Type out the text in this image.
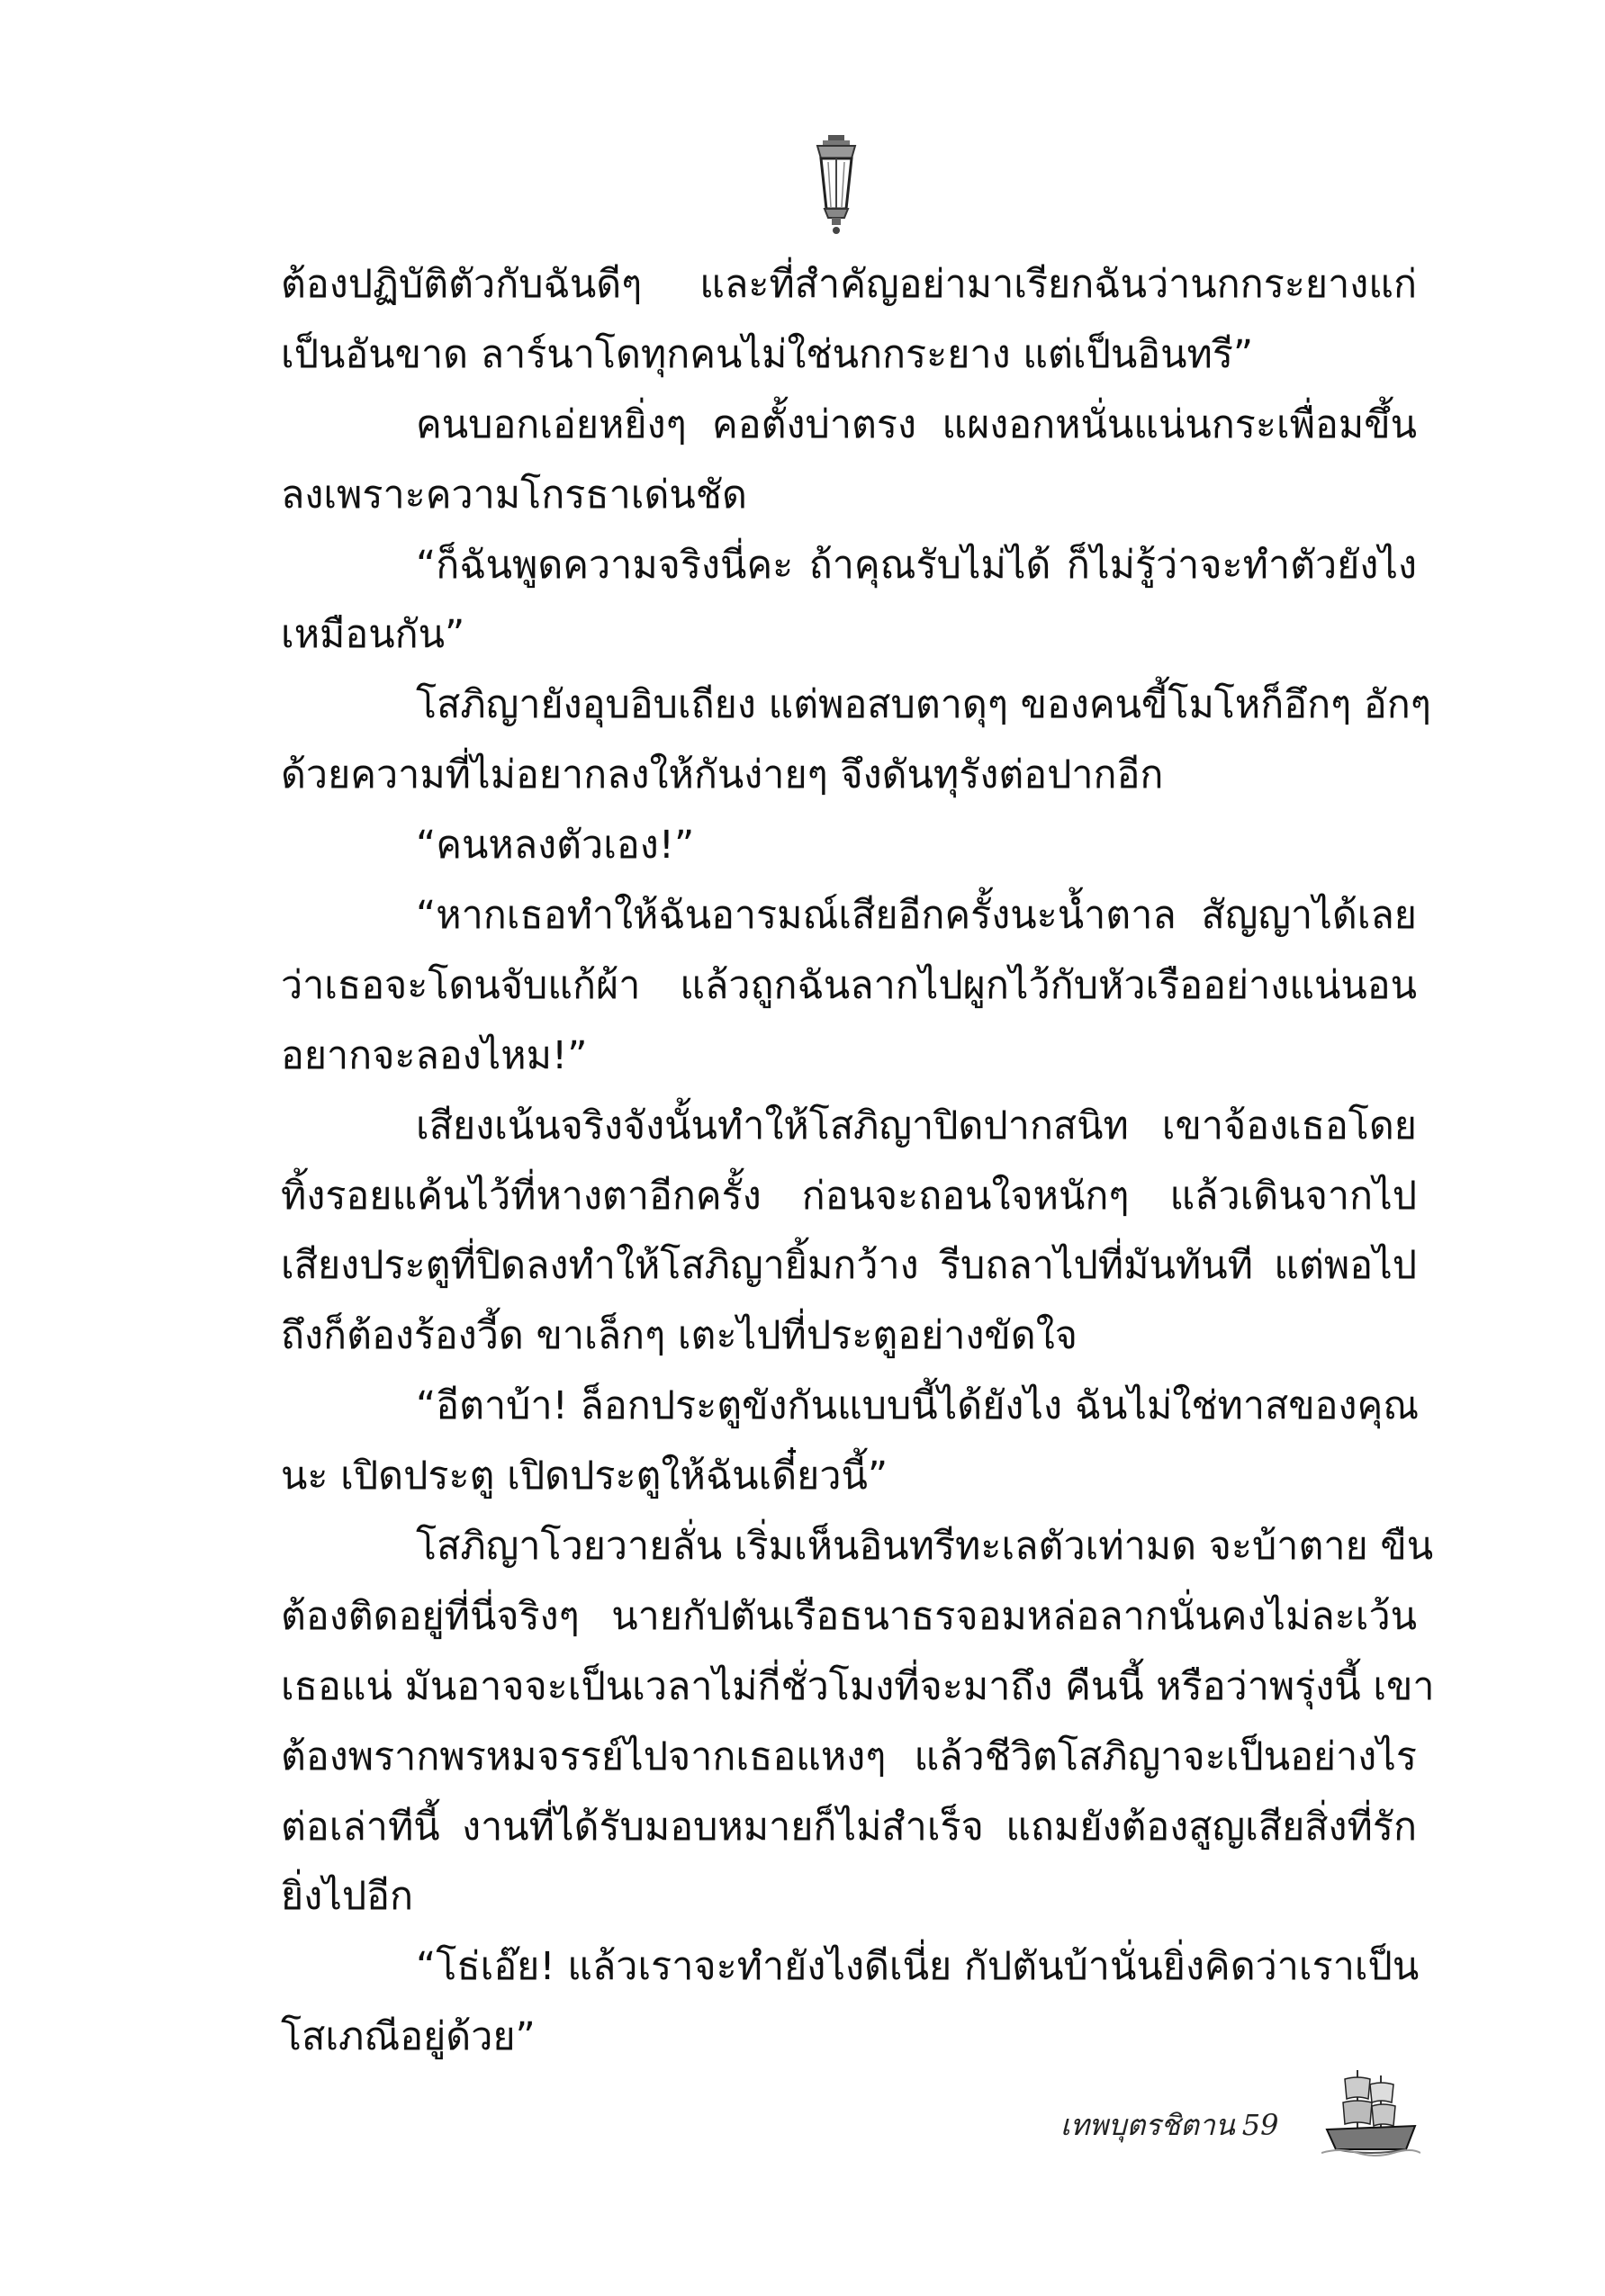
ต้องปฏิบัติตัวกับฉันดีๆ และที่สำคัญอย่ามาเรียกฉันว่านกกระยางแก่
เป็นอันขาด ลาร์นาโดทุกคนไม่ใช่นกกระยาง แต่เป็นอินทรี”
คนบอกเอ่ยหยิ่งๆ คอตั้งบ่าตรง แผงอกหนั่นแน่นกระเพื่อมขึ้น
ลงเพราะความโกรธาเด่นชัด
“ก็ฉันพูดความจริงนี่คะ ถ้าคุณรับไม่ได้ ก็ไม่รู้ว่าจะทำตัวยังไง
เหมือนกัน”
โสภิญายังอุบอิบเถียง แต่พอสบตาดุๆ ของคนขี้โมโหก็อึกๆ อักๆ
ด้วยความที่ไม่อยากลงให้กันง่ายๆ จึงดันทุรังต่อปากอีก
“คนหลงตัวเอง!”
“หากเธอทำให้ฉันอารมณ์เสียอีกครั้งนะน้ำตาล สัญญาได้เลย
ว่าเธอจะโดนจับแก้ผ้า แล้วถูกฉันลากไปผูกไว้กับหัวเรืออย่างแน่นอน
อยากจะลองไหม!”
เสียงเน้นจริงจังนั้นทำให้โสภิญาปิดปากสนิท เขาจ้องเธอโดย
ทิ้งรอยแค้นไว้ที่หางตาอีกครั้ง ก่อนจะถอนใจหนักๆ แล้วเดินจากไป
เสียงประตูที่ปิดลงทำให้โสภิญายิ้มกว้าง รีบถลาไปที่มันทันที แต่พอไป
ถึงก็ต้องร้องวี้ด ขาเล็กๆ เตะไปที่ประตูอย่างขัดใจ
“อีตาบ้า! ล็อกประตูขังกันแบบนี้ได้ยังไง ฉันไม่ใช่ทาสของคุณ
นะ เปิดประตู เปิดประตูให้ฉันเดี๋ยวนี้”
โสภิญาโวยวายลั่น เริ่มเห็นอินทรีทะเลตัวเท่ามด จะบ้าตาย ขืน
ต้องติดอยู่ที่นี่จริงๆ นายกัปตันเรือธนาธรจอมหล่อลากนั่นคงไม่ละเว้น
เธอแน่ มันอาจจะเป็นเวลาไม่กี่ชั่วโมงที่จะมาถึง คืนนี้ หรือว่าพรุ่งนี้ เขา
ต้องพรากพรหมจรรย์ไปจากเธอแหงๆ แล้วชีวิตโสภิญาจะเป็นอย่างไร
ต่อเล่าทีนี้ งานที่ได้รับมอบหมายก็ไม่สำเร็จ แถมยังต้องสูญเสียสิ่งที่รัก
ยิ่งไปอีก
“โธ่เอ๊ย! แล้วเราจะทำยังไงดีเนี่ย กัปตันบ้านั่นยิ่งคิดว่าเราเป็น
โสเภณีอยู่ด้วย”
เทพบุตรชิตาน 59
